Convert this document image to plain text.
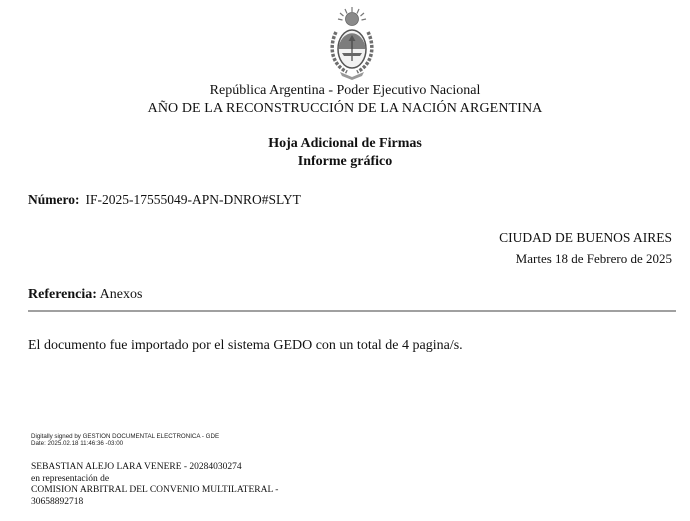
República Argentina - Poder Ejecutivo Nacional
AÑO DE LA RECONSTRUCCIÓN DE LA NACIÓN ARGENTINA
Hoja Adicional de Firmas
Informe gráfico
Número: IF-2025-17555049-APN-DNRO#SLYT
CIUDAD DE BUENOS AIRES
Martes 18 de Febrero de 2025
Referencia: Anexos
El documento fue importado por el sistema GEDO con un total de 4 pagina/s.
Digitally signed by GESTION DOCUMENTAL ELECTRONICA - GDE
Date: 2025.02.18 11:46:36 -03:00
SEBASTIAN ALEJO LARA VENERE - 20284030274
en representación de
COMISION ARBITRAL DEL CONVENIO MULTILATERAL -
30658892718
